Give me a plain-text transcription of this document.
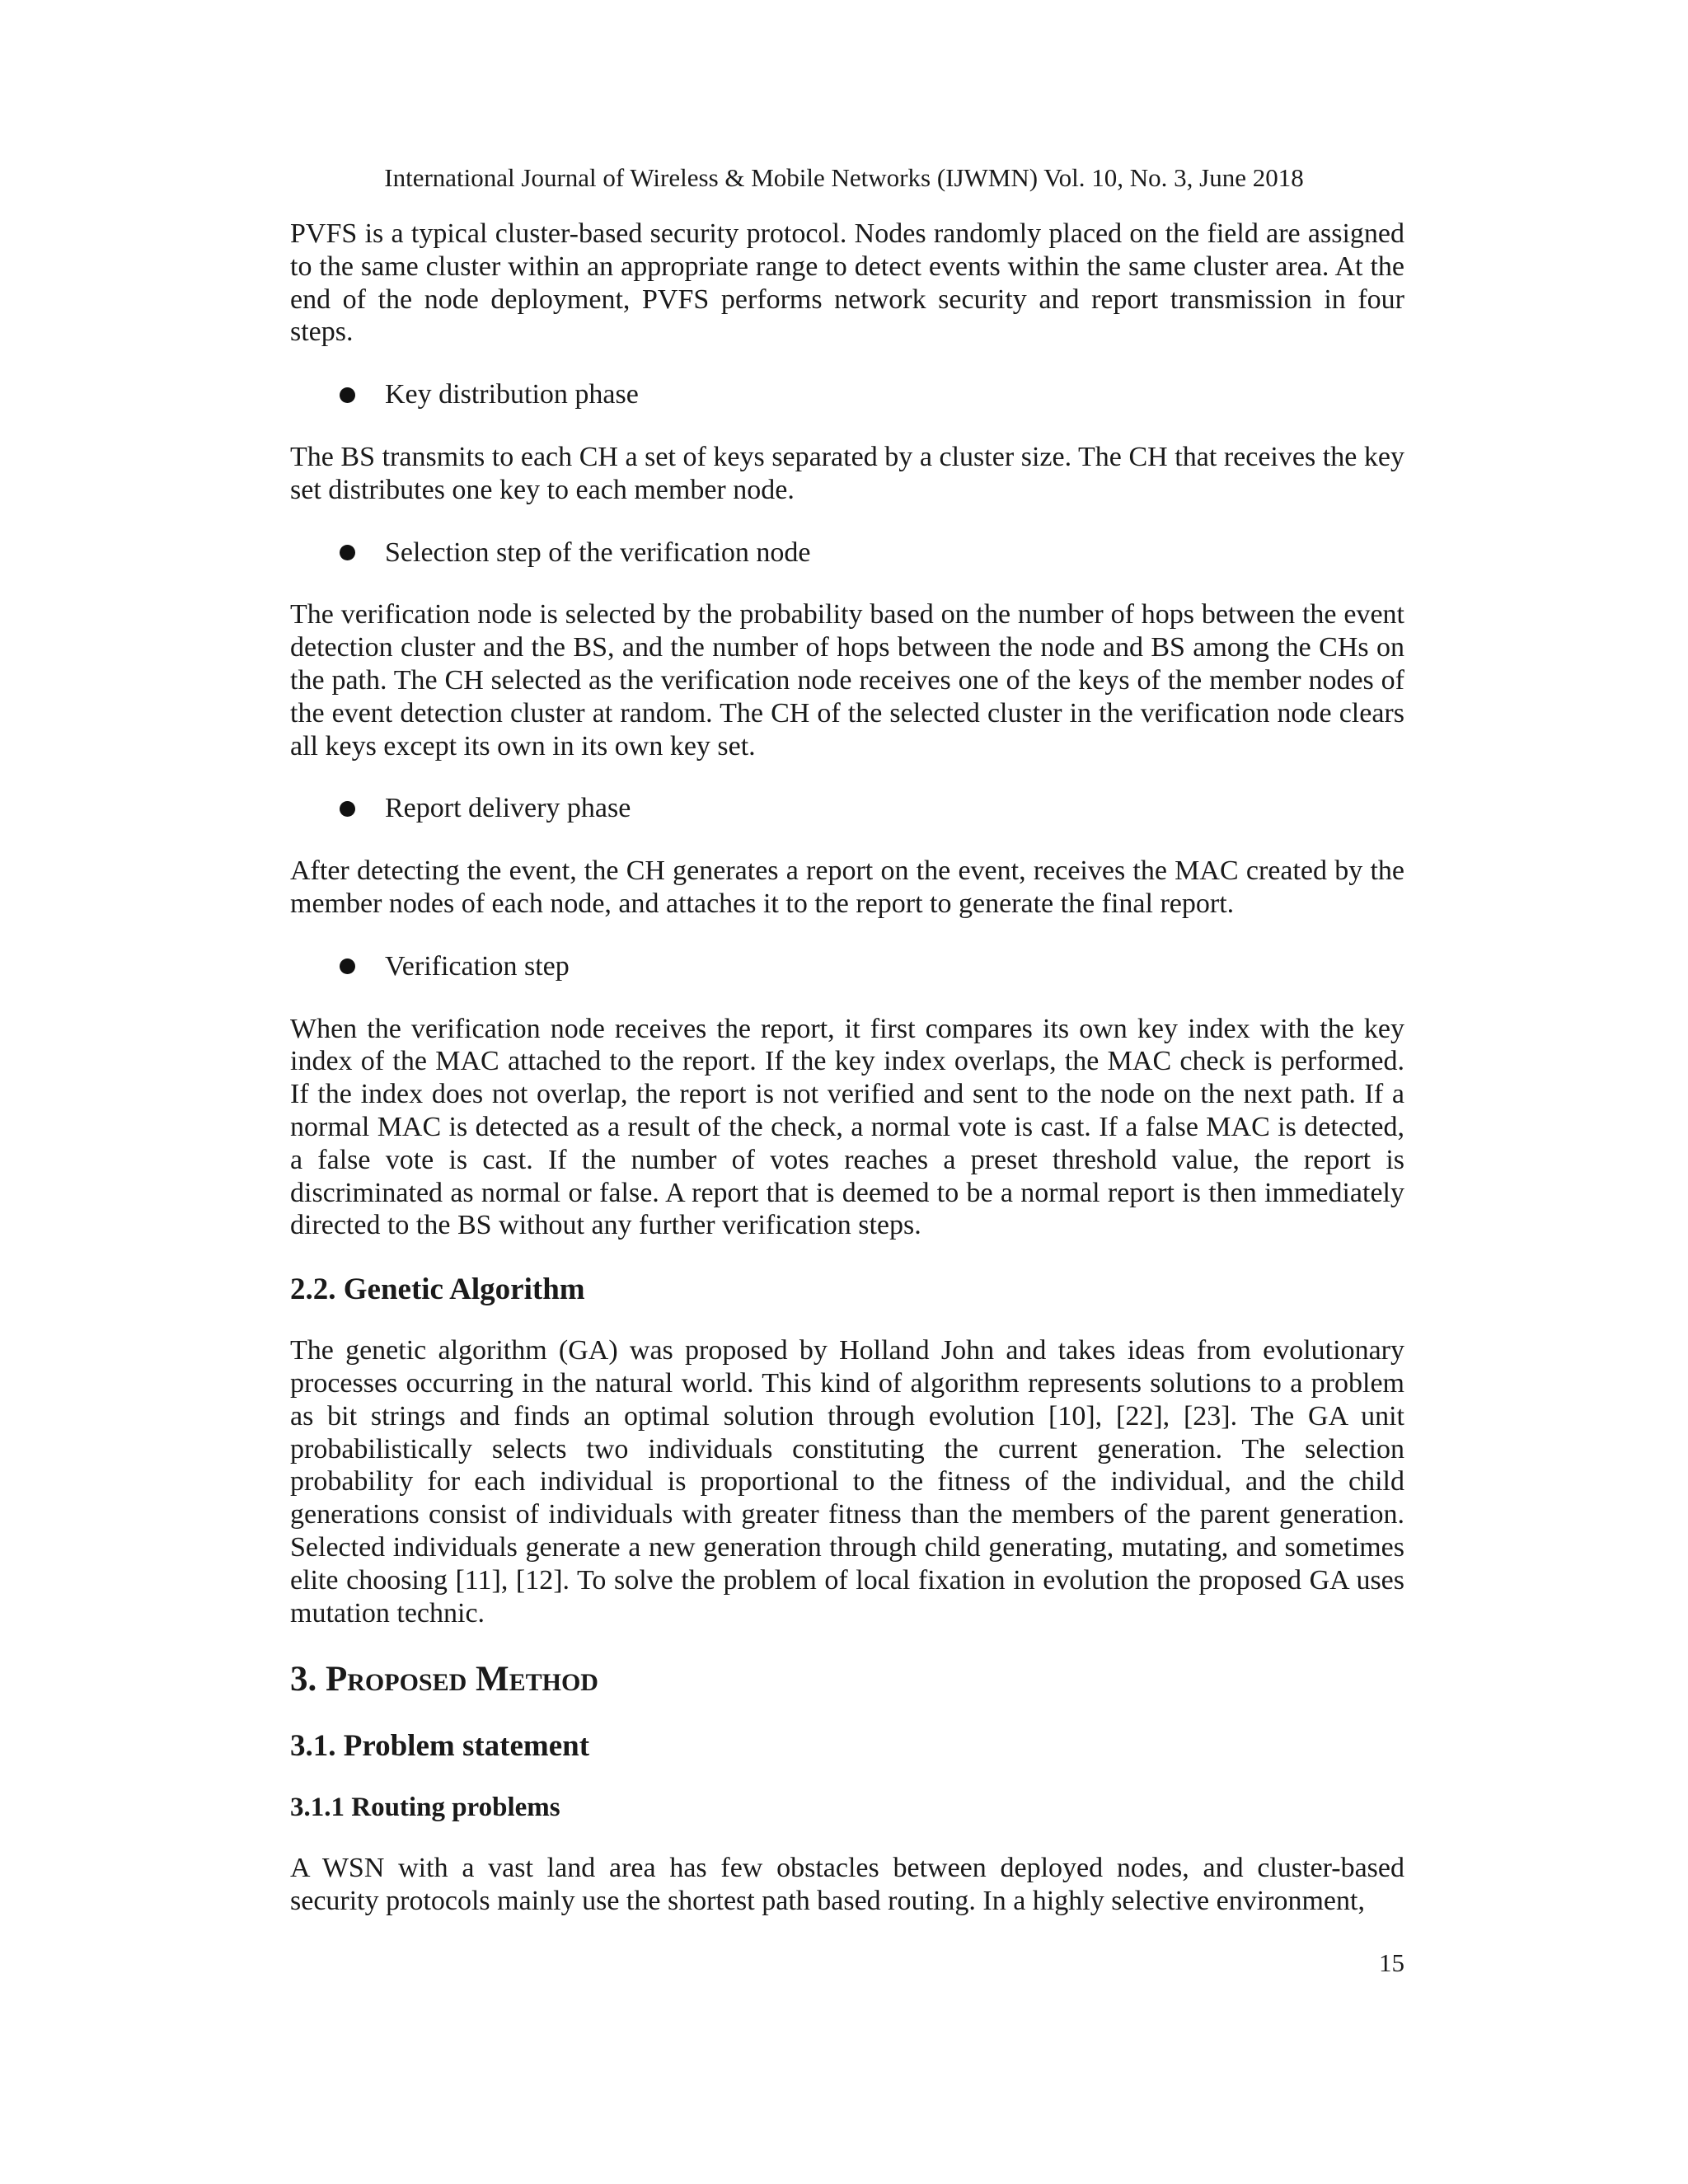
International Journal of Wireless & Mobile Networks (IJWMN) Vol. 10, No. 3, June 2018

PVFS is a typical cluster-based security protocol. Nodes randomly placed on the field are assigned to the same cluster within an appropriate range to detect events within the same cluster area. At the end of the node deployment, PVFS performs network security and report transmission in four steps.

Key distribution phase

The BS transmits to each CH a set of keys separated by a cluster size. The CH that receives the key set distributes one key to each member node.

Selection step of the verification node

The verification node is selected by the probability based on the number of hops between the event detection cluster and the BS, and the number of hops between the node and BS among the CHs on the path. The CH selected as the verification node receives one of the keys of the member nodes of the event detection cluster at random. The CH of the selected cluster in the verification node clears all keys except its own in its own key set.

Report delivery phase

After detecting the event, the CH generates a report on the event, receives the MAC created by the member nodes of each node, and attaches it to the report to generate the final report.

Verification step

When the verification node receives the report, it first compares its own key index with the key index of the MAC attached to the report. If the key index overlaps, the MAC check is performed. If the index does not overlap, the report is not verified and sent to the node on the next path. If a normal MAC is detected as a result of the check, a normal vote is cast. If a false MAC is detected, a false vote is cast. If the number of votes reaches a preset threshold value, the report is discriminated as normal or false. A report that is deemed to be a normal report is then immediately directed to the BS without any further verification steps.

2.2. Genetic Algorithm

The genetic algorithm (GA) was proposed by Holland John and takes ideas from evolutionary processes occurring in the natural world. This kind of algorithm represents solutions to a problem as bit strings and finds an optimal solution through evolution [10], [22], [23]. The GA unit probabilistically selects two individuals constituting the current generation. The selection probability for each individual is proportional to the fitness of the individual, and the child generations consist of individuals with greater fitness than the members of the parent generation. Selected individuals generate a new generation through child generating, mutating, and sometimes elite choosing [11], [12]. To solve the problem of local fixation in evolution the proposed GA uses mutation technic.

3. Proposed Method
3.1. Problem statement
3.1.1 Routing problems

A WSN with a vast land area has few obstacles between deployed nodes, and cluster-based security protocols mainly use the shortest path based routing. In a highly selective environment,

15
